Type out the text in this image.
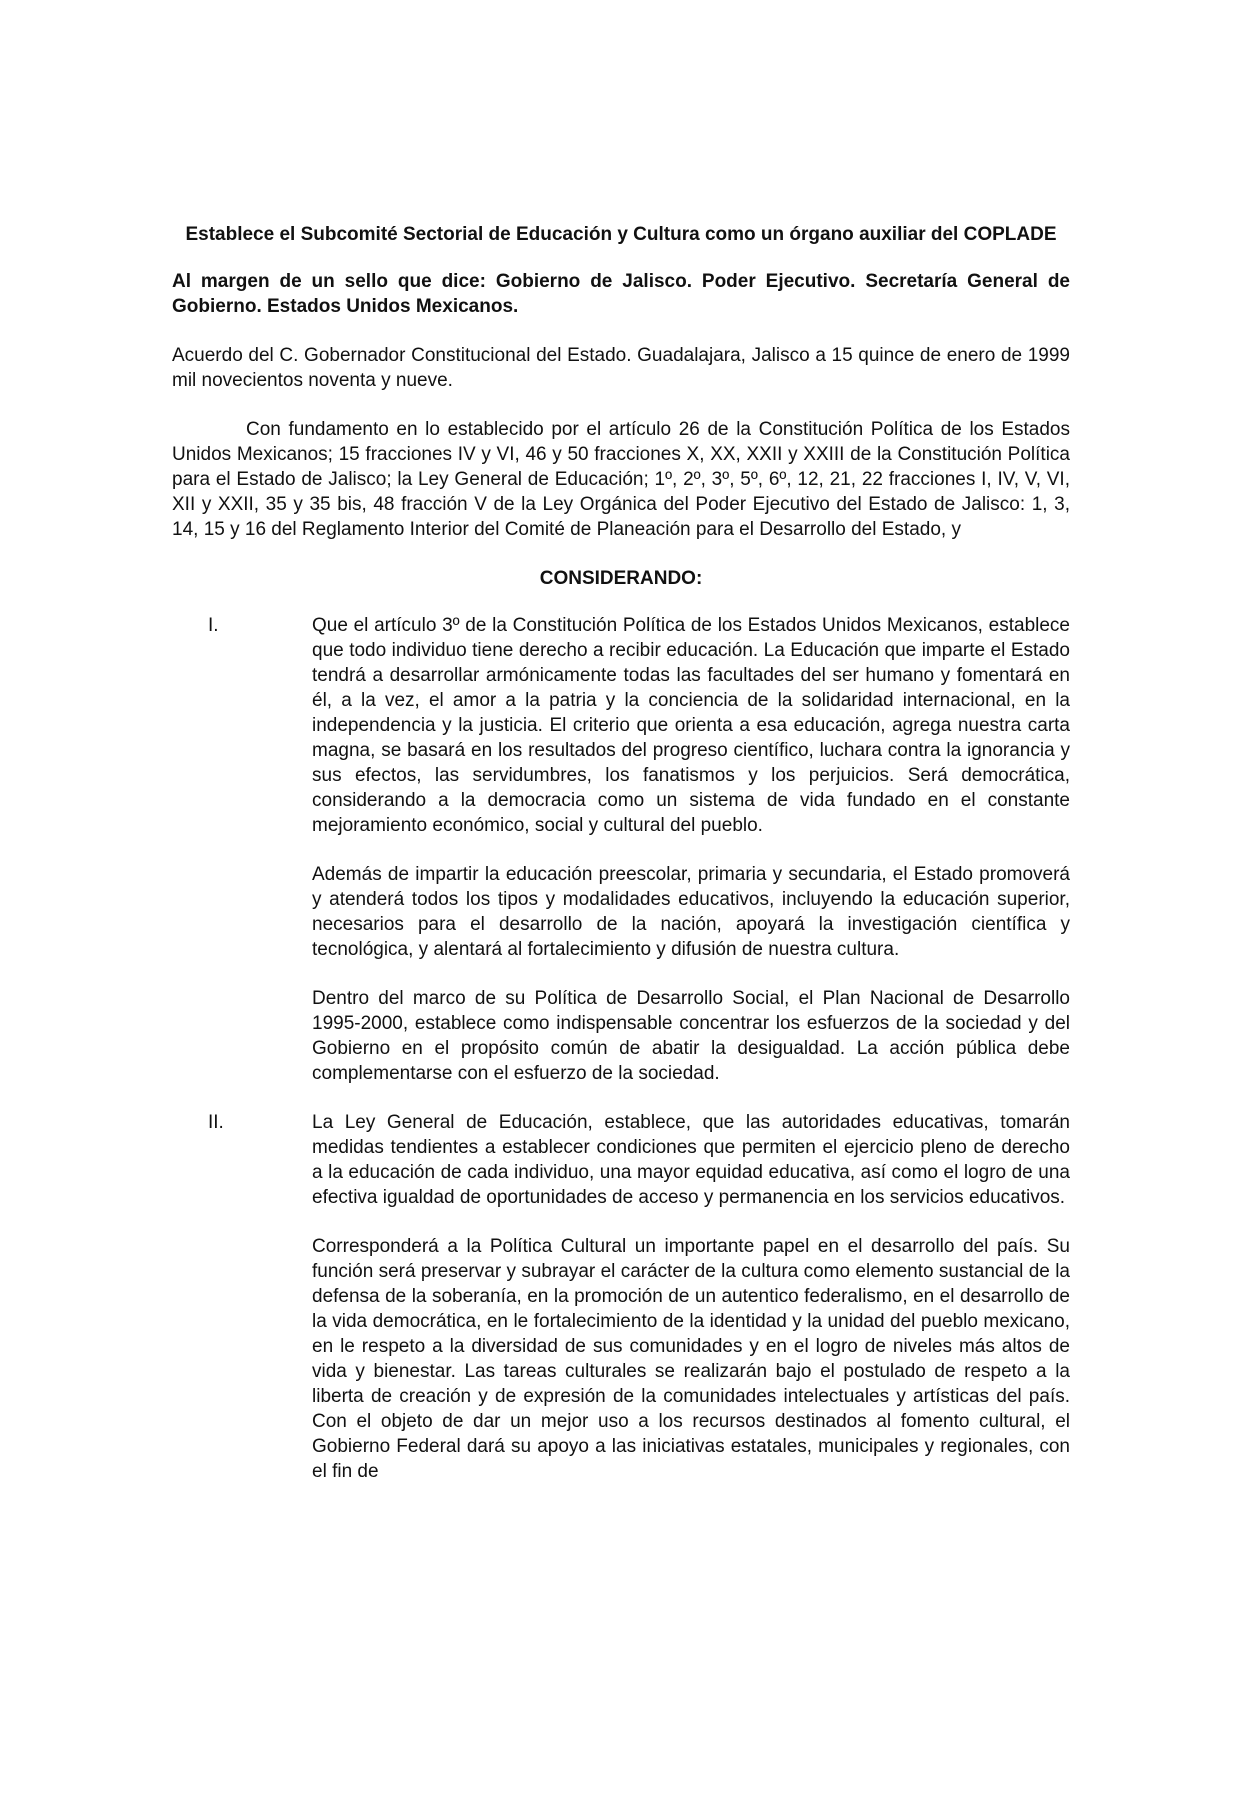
Establece el Subcomité Sectorial de Educación y Cultura como un órgano auxiliar del COPLADE
Al margen de un sello que dice: Gobierno de Jalisco. Poder Ejecutivo. Secretaría General de Gobierno. Estados Unidos Mexicanos.
Acuerdo del C. Gobernador Constitucional del Estado. Guadalajara, Jalisco a 15 quince de enero de 1999 mil novecientos noventa y nueve.
Con fundamento en lo establecido por el artículo 26 de la Constitución Política de los Estados Unidos Mexicanos; 15 fracciones IV y VI, 46 y 50 fracciones X, XX, XXII y XXIII de la Constitución Política para el Estado de Jalisco; la Ley General de Educación; 1º, 2º, 3º, 5º, 6º, 12, 21, 22 fracciones I, IV, V, VI, XII y XXII, 35 y 35 bis, 48 fracción V de la Ley Orgánica del Poder Ejecutivo del Estado de Jalisco: 1, 3, 14, 15 y 16 del Reglamento Interior del Comité de Planeación para el Desarrollo del Estado, y
CONSIDERANDO:
I.	Que el artículo 3º de la Constitución Política de los Estados Unidos Mexicanos, establece que todo individuo tiene derecho a recibir educación. La Educación que imparte el Estado tendrá a desarrollar armónicamente todas las facultades del ser humano y fomentará en él, a la vez, el amor a la patria y la conciencia de la solidaridad internacional, en la independencia y la justicia. El criterio que orienta a esa educación, agrega nuestra carta magna, se basará en los resultados del progreso científico, luchara contra la ignorancia y sus efectos, las servidumbres, los fanatismos y los perjuicios. Será democrática, considerando a la democracia como un sistema de vida fundado en el constante mejoramiento económico, social y cultural del pueblo.

Además de impartir la educación preescolar, primaria y secundaria, el Estado promoverá y atenderá todos los tipos y modalidades educativos, incluyendo la educación superior, necesarios para el desarrollo de la nación, apoyará la investigación científica y tecnológica, y alentará al fortalecimiento y difusión de nuestra cultura.

Dentro del marco de su Política de Desarrollo Social, el Plan Nacional de Desarrollo 1995-2000, establece como indispensable concentrar los esfuerzos de la sociedad y del Gobierno en el propósito común de abatir la desigualdad. La acción pública debe complementarse con el esfuerzo de la sociedad.

II.	La Ley General de Educación, establece, que las autoridades educativas, tomarán medidas tendientes a establecer condiciones que permiten el ejercicio pleno de derecho a la educación de cada individuo, una mayor equidad educativa, así como el logro de una efectiva igualdad de oportunidades de acceso y permanencia en los servicios educativos.

Corresponderá a la Política Cultural un importante papel en el desarrollo del país. Su función será preservar y subrayar el carácter de la cultura como elemento sustancial de la defensa de la soberanía, en la promoción de un autentico federalismo, en el desarrollo de la vida democrática, en le fortalecimiento de la identidad y la unidad del pueblo mexicano, en le respeto a la diversidad de sus comunidades y en el logro de niveles más altos de vida y bienestar. Las tareas culturales se realizarán bajo el postulado de respeto a la liberta de creación y de expresión de la comunidades intelectuales y artísticas del país. Con el objeto de dar un mejor uso a los recursos destinados al fomento cultural, el Gobierno Federal dará su apoyo a las iniciativas estatales, municipales y regionales, con el fin de
